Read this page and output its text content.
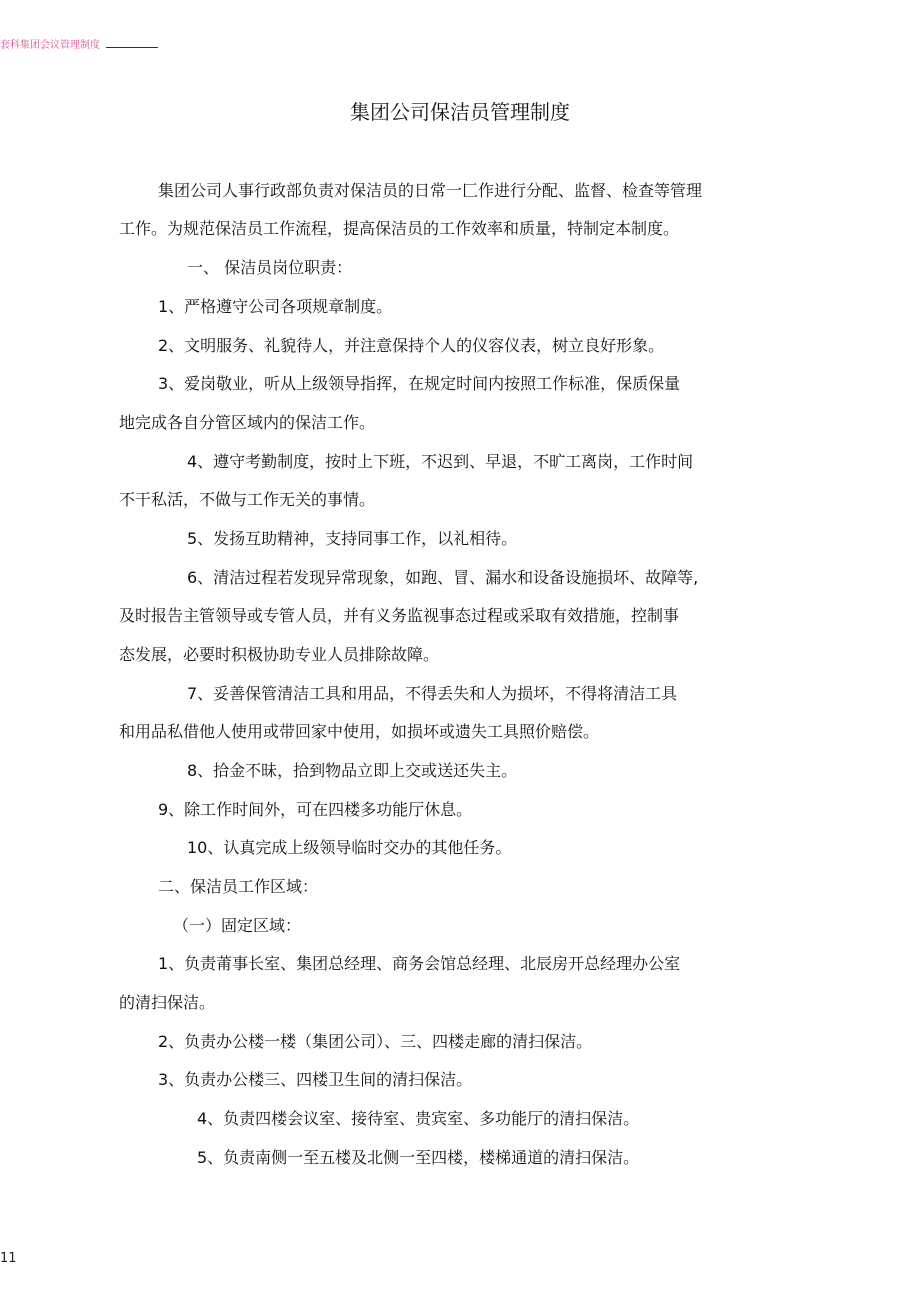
套科集团会议管理制度
集团公司保洁员管理制度
集团公司人事行政部负责对保洁员的日常一匚作进行分配、监督、检查等管理
工作。为规范保洁员工作流程，提高保洁员的工作效率和质量，特制定本制度。
一、 保洁员岗位职责：
1、严格遵守公司各项规章制度。
2、文明服务、礼貌待人，并注意保持个人的仪容仪表，树立良好形象。
3、爱岗敬业，听从上级领导指挥，在规定时间内按照工作标准，保质保量
地完成各自分管区域内的保洁工作。
4、遵守考勤制度，按时上下班，不迟到、早退，不旷工离岗，工作时间
不干私活，不做与工作无关的事情。
5、发扬互助精神，支持同事工作，以礼相待。
6、清洁过程若发现异常现象，如跑、冒、漏水和设备设施损坏、故障等,
及时报告主管领导或专管人员，并有义务监视事态过程或采取有效措施，控制事
态发展，必要时积极协助专业人员排除故障。
7、妥善保管清洁工具和用品，不得丢失和人为损坏，不得将清洁工具
和用品私借他人使用或带回家中使用，如损坏或遗失工具照价赔偿。
8、拾金不昧，拾到物品立即上交或送还失主。
9、除工作时间外，可在四楼多功能厅休息。
10、认真完成上级领导临时交办的其他任务。
二、保洁员工作区域：
（一）固定区域：
1、负责莆事长室、集团总经理、商务会馆总经理、北辰房开总经理办公室
的清扫保洁。
2、负责办公楼一楼（集团公司）、三、四楼走廊的清扫保洁。
3、负责办公楼三、四楼卫生间的清扫保洁。
4、负责四楼会议室、接待室、贵宾室、多功能厅的清扫保洁。
5、负责南侧一至五楼及北侧一至四楼，楼梯通道的清扫保洁。
11
